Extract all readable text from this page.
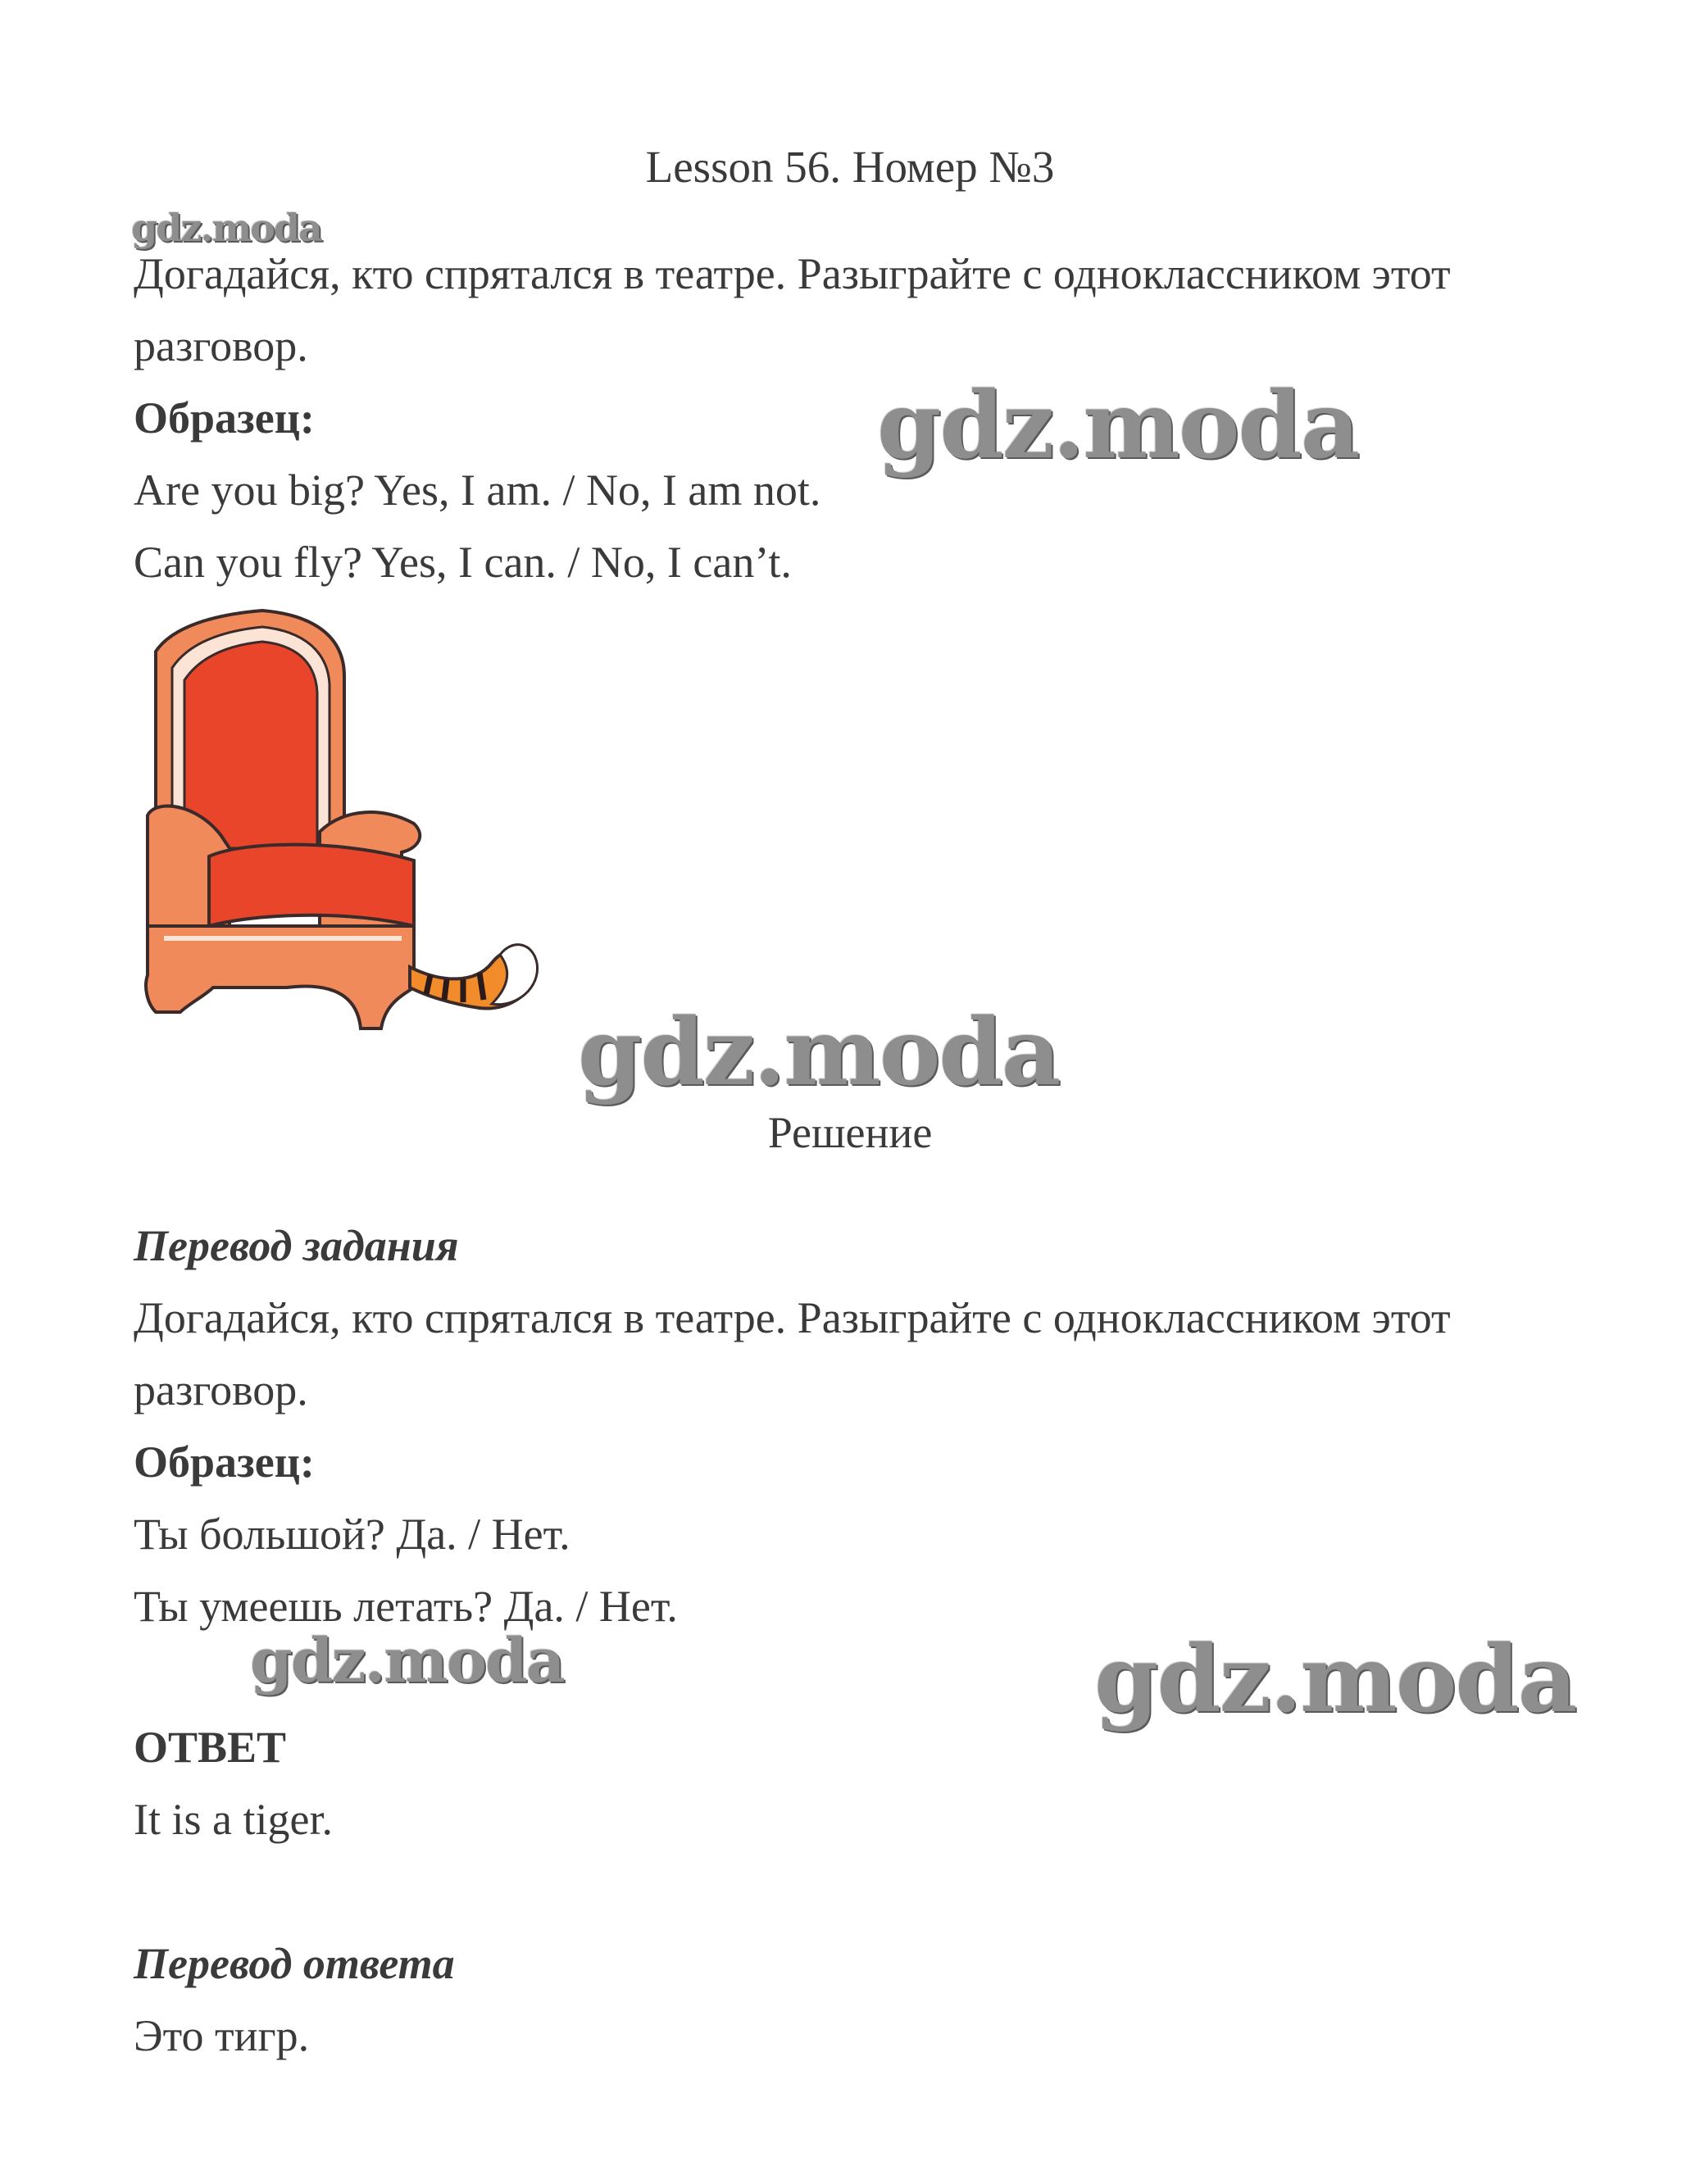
Lesson 56. Номер №3
gdz.moda
gdz.moda
gdz.moda
gdz.moda	gdz.moda
Догадайся, кто спрятался в театре. Разыграйте с одноклассником этот
разговор.
Образец:
Are you big? Yes, I am. / No, I am not.
Can you fly? Yes, I can. / No, I can’t.
Решение
Перевод задания
Догадайся, кто спрятался в театре. Разыграйте с одноклассником этот
разговор.
Образец:
Ты большой? Да. / Нет.
Ты умеешь летать? Да. / Нет.
ОТВЕТ
It is a tiger.
Перевод ответа
Это тигр.
